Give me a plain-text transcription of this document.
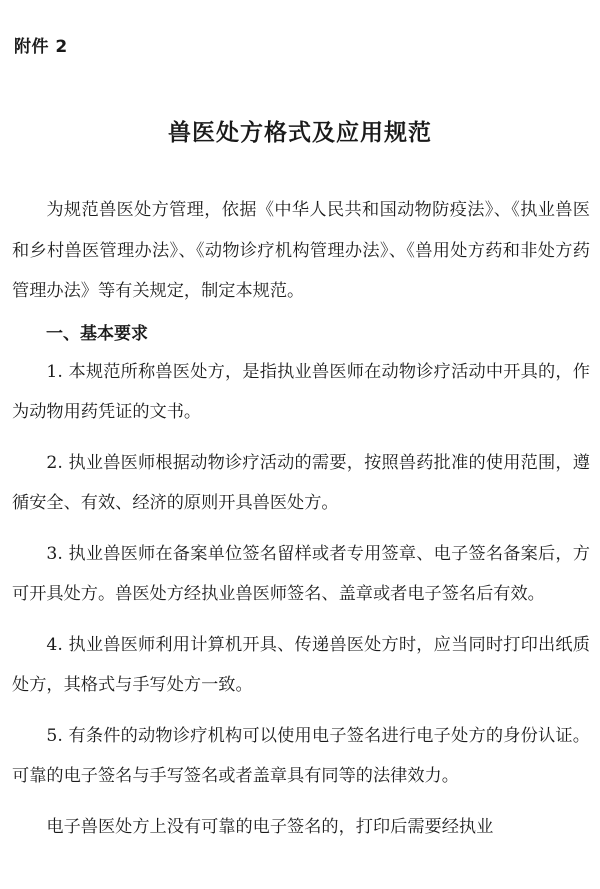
附件 2
兽医处方格式及应用规范

为规范兽医处方管理，依据《中华人民共和国动物防疫法》、《执业兽医和乡村兽医管理办法》、《动物诊疗机构管理办法》、《兽用处方药和非处方药管理办法》等有关规定，制定本规范。

一、基本要求

1. 本规范所称兽医处方，是指执业兽医师在动物诊疗活动中开具的，作为动物用药凭证的文书。

2. 执业兽医师根据动物诊疗活动的需要，按照兽药批准的使用范围，遵循安全、有效、经济的原则开具兽医处方。

3. 执业兽医师在备案单位签名留样或者专用签章、电子签名备案后，方可开具处方。兽医处方经执业兽医师签名、盖章或者电子签名后有效。

4. 执业兽医师利用计算机开具、传递兽医处方时，应当同时打印出纸质处方，其格式与手写处方一致。

5. 有条件的动物诊疗机构可以使用电子签名进行电子处方的身份认证。可靠的电子签名与手写签名或者盖章具有同等的法律效力。

电子兽医处方上没有可靠的电子签名的，打印后需要经执业
